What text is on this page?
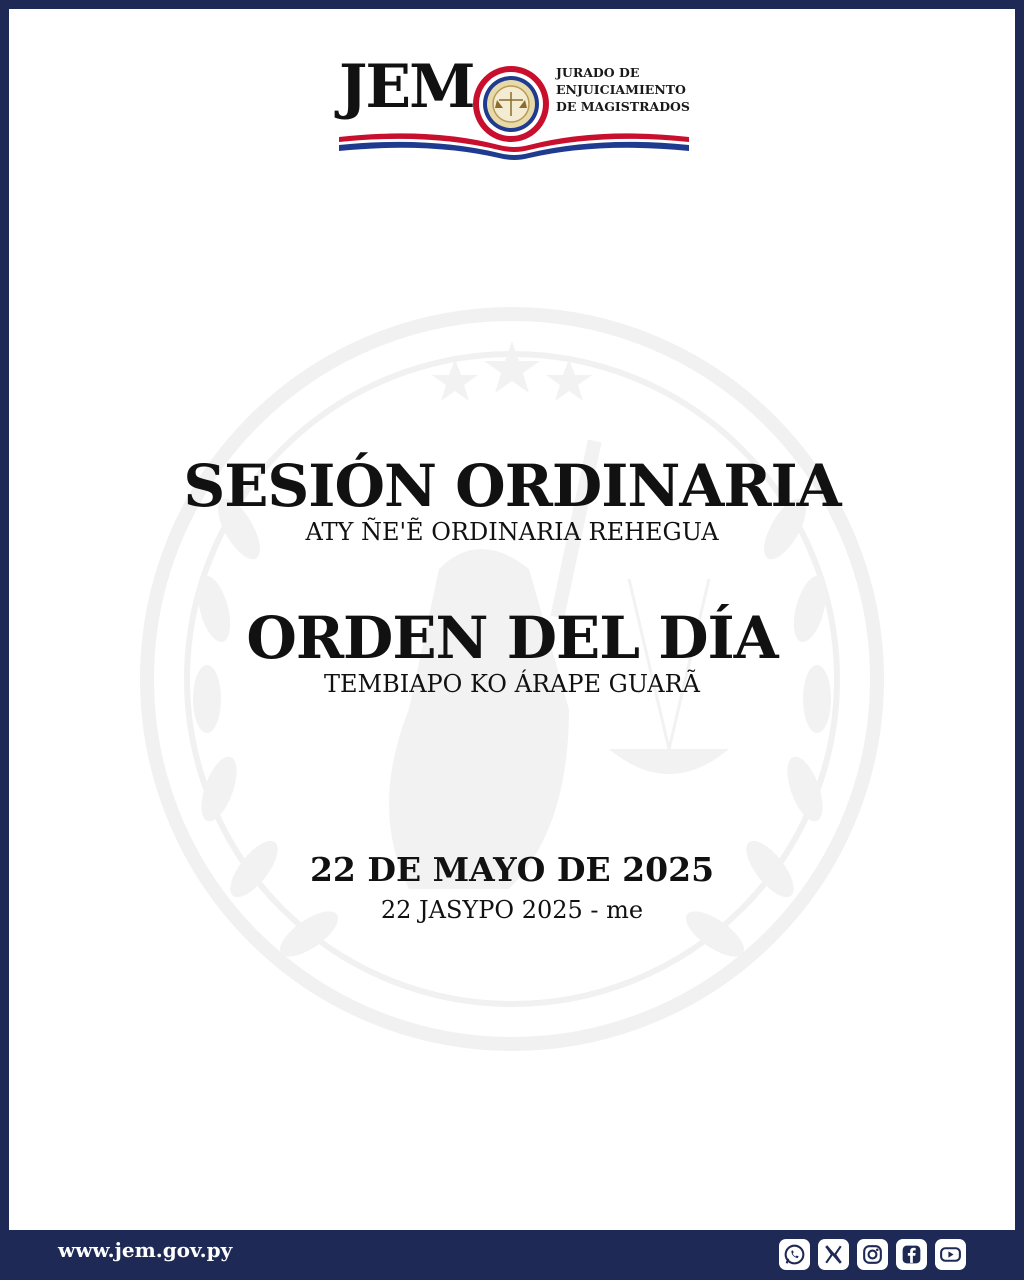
JEM	JURADO DE
ENJUICIAMIENTO
DE MAGISTRADOS
SESIÓN ORDINARIA
ATY ÑE'Ẽ ORDINARIA REHEGUA
ORDEN DEL DÍA
TEMBIAPO KO ÁRAPE GUARÃ
22 DE MAYO DE 2025
22 JASYPO 2025 - me
www.jem.gov.py
